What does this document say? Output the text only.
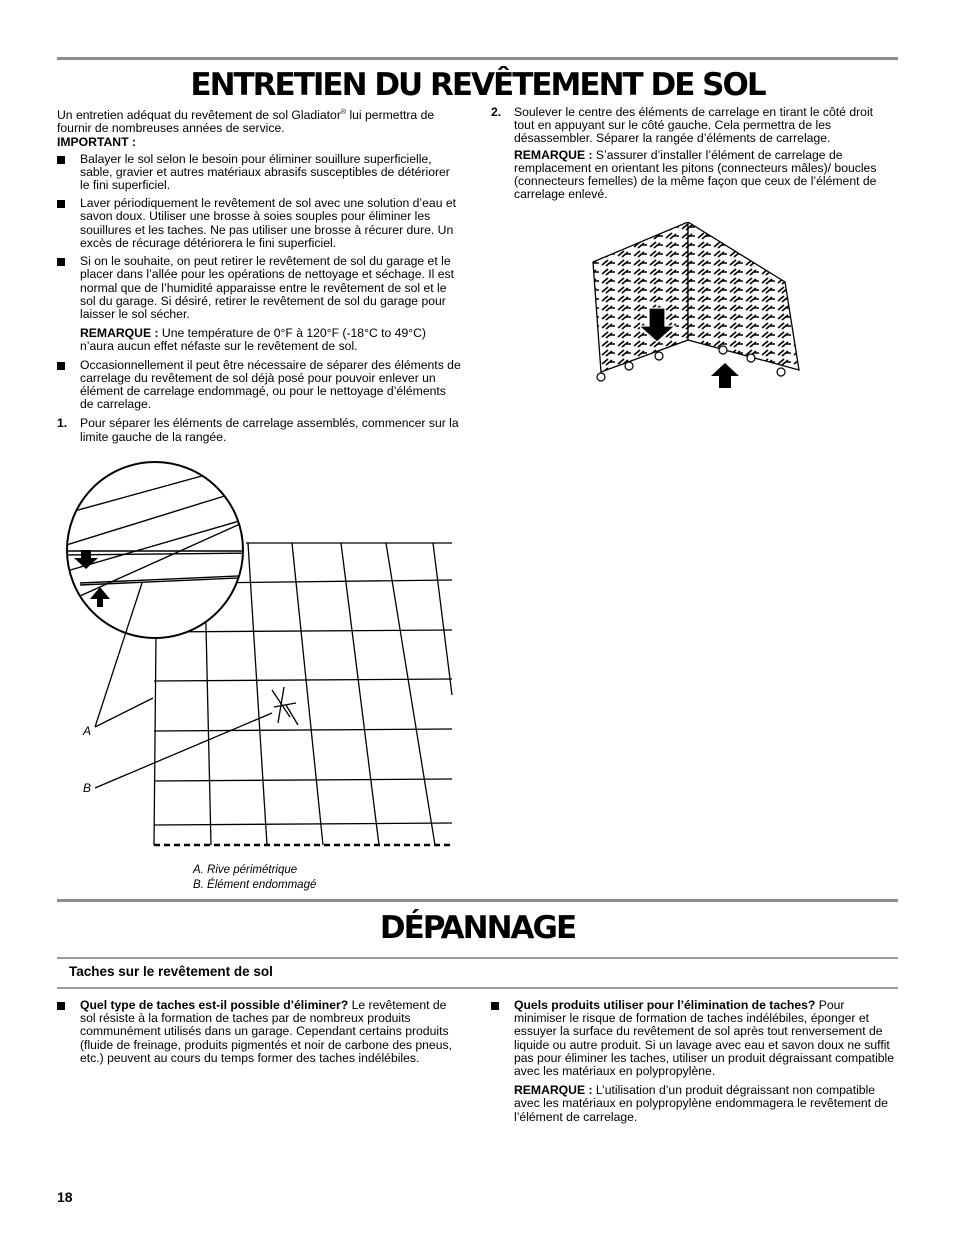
ENTRETIEN DU REVÊTEMENT DE SOL

Un entretien adéquat du revêtement de sol Gladiator® lui permettra de fournir de nombreuses années de service.

IMPORTANT :

Balayer le sol selon le besoin pour éliminer souillure superficielle, sable, gravier et autres matériaux abrasifs susceptibles de détériorer le fini superficiel.
Laver périodiquement le revêtement de sol avec une solution d’eau et savon doux. Utiliser une brosse à soies souples pour éliminer les souillures et les taches. Ne pas utiliser une brosse à récurer dure. Un excès de récurage détériorera le fini superficiel.
Si on le souhaite, on peut retirer le revêtement de sol du garage et le placer dans l’allée pour les opérations de nettoyage et séchage. Il est normal que de l’humidité apparaisse entre le revêtement de sol et le sol du garage. Si désiré, retirer le revêtement de sol du garage pour laisser le sol sécher.

REMARQUE : Une température de 0°F à 120°F (-18°C to 49°C) n’aura aucun effet néfaste sur le revêtement de sol.

Occasionnellement il peut être nécessaire de séparer des éléments de carrelage du revêtement de sol déjà posé pour pouvoir enlever un élément de carrelage endommagé, ou pour le nettoyage d’éléments de carrelage.
1.	Pour séparer les éléments de carrelage assemblés, commencer sur la limite gauche de la rangée.
2.	Soulever le centre des éléments de carrelage en tirant le côté droit tout en appuyant sur le côté gauche. Cela permettra de les désassembler. Séparer la rangée d’éléments de carrelage.

REMARQUE : S’assurer d’installer l’élément de carrelage de remplacement en orientant les pitons (connecteurs mâles)/ boucles (connecteurs femelles) de la même façon que ceux de l’élément de carrelage enlevé.

A
B
A. Rive périmétrique
B. Élément endommagé
DÉPANNAGE
Taches sur le revêtement de sol
Quel type de taches est-il possible d’éliminer? Le revêtement de sol résiste à la formation de taches par de nombreux produits communément utilisés dans un garage. Cependant certains produits (fluide de freinage, produits pigmentés et noir de carbone des pneus, etc.) peuvent au cours du temps former des taches indélébiles.
Quels produits utiliser pour l’élimination de taches? Pour minimiser le risque de formation de taches indélébiles, éponger et essuyer la surface du revêtement de sol après tout renversement de liquide ou autre produit. Si un lavage avec eau et savon doux ne suffit pas pour éliminer les taches, utiliser un produit dégraissant compatible avec les matériaux en polypropylène.

REMARQUE : L’utilisation d’un produit dégraissant non compatible avec les matériaux en polypropylène endommagera le revêtement de l’élément de carrelage.

18
